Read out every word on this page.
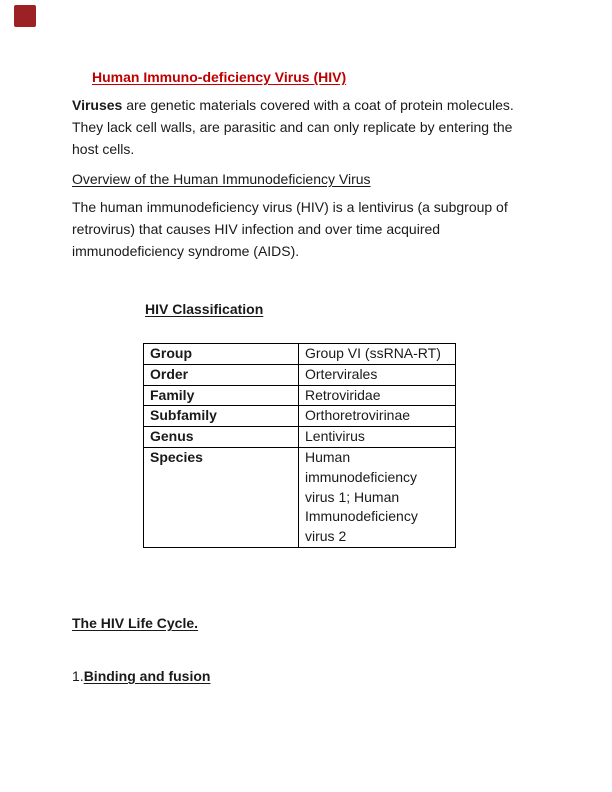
Human Immuno-deficiency Virus (HIV)
Viruses are genetic materials covered with a coat of protein molecules. They lack cell walls, are parasitic and can only replicate by entering the host cells.
Overview of the Human Immunodeficiency Virus
The human immunodeficiency virus (HIV) is a lentivirus (a subgroup of retrovirus) that causes HIV infection and over time acquired immunodeficiency syndrome (AIDS).
HIV Classification
Group	Group VI (ssRNA-RT)
Order	Ortervirales
Family	Retroviridae
Subfamily	Orthoretrovirinae
Genus	Lentivirus
Species	Human immunodeficiency virus 1; Human Immunodeficiency virus 2
The HIV Life Cycle.
1.Binding and fusion
